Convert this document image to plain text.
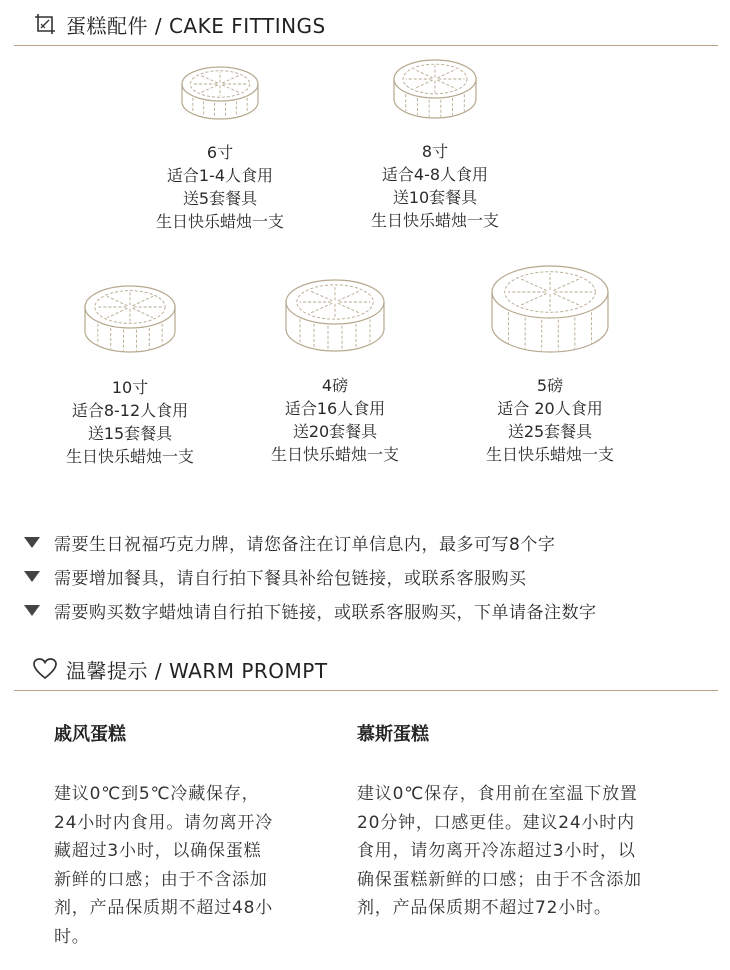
蛋糕配件 / CAKE FITTINGS
6寸
适合1-4人食用
送5套餐具
生日快乐蜡烛一支
8寸
适合4-8人食用
送10套餐具
生日快乐蜡烛一支
10寸
适合8-12人食用
送15套餐具
生日快乐蜡烛一支
4磅
适合16人食用
送20套餐具
生日快乐蜡烛一支
5磅
适合 20人食用
送25套餐具
生日快乐蜡烛一支
需要生日祝福巧克力牌，请您备注在订单信息内，最多可写8个字
需要增加餐具，请自行拍下餐具补给包链接，或联系客服购买
需要购买数字蜡烛请自行拍下链接，或联系客服购买，下单请备注数字
温馨提示 / WARM PROMPT
戚风蛋糕
建议0℃到5℃冷藏保存，
24小时内食用。请勿离开冷
藏超过3小时，以确保蛋糕
新鲜的口感；由于不含添加
剂，产品保质期不超过48小
时。
慕斯蛋糕
建议0℃保存，食用前在室温下放置
20分钟，口感更佳。建议24小时内
食用，请勿离开冷冻超过3小时，以
确保蛋糕新鲜的口感；由于不含添加
剂，产品保质期不超过72小时。
